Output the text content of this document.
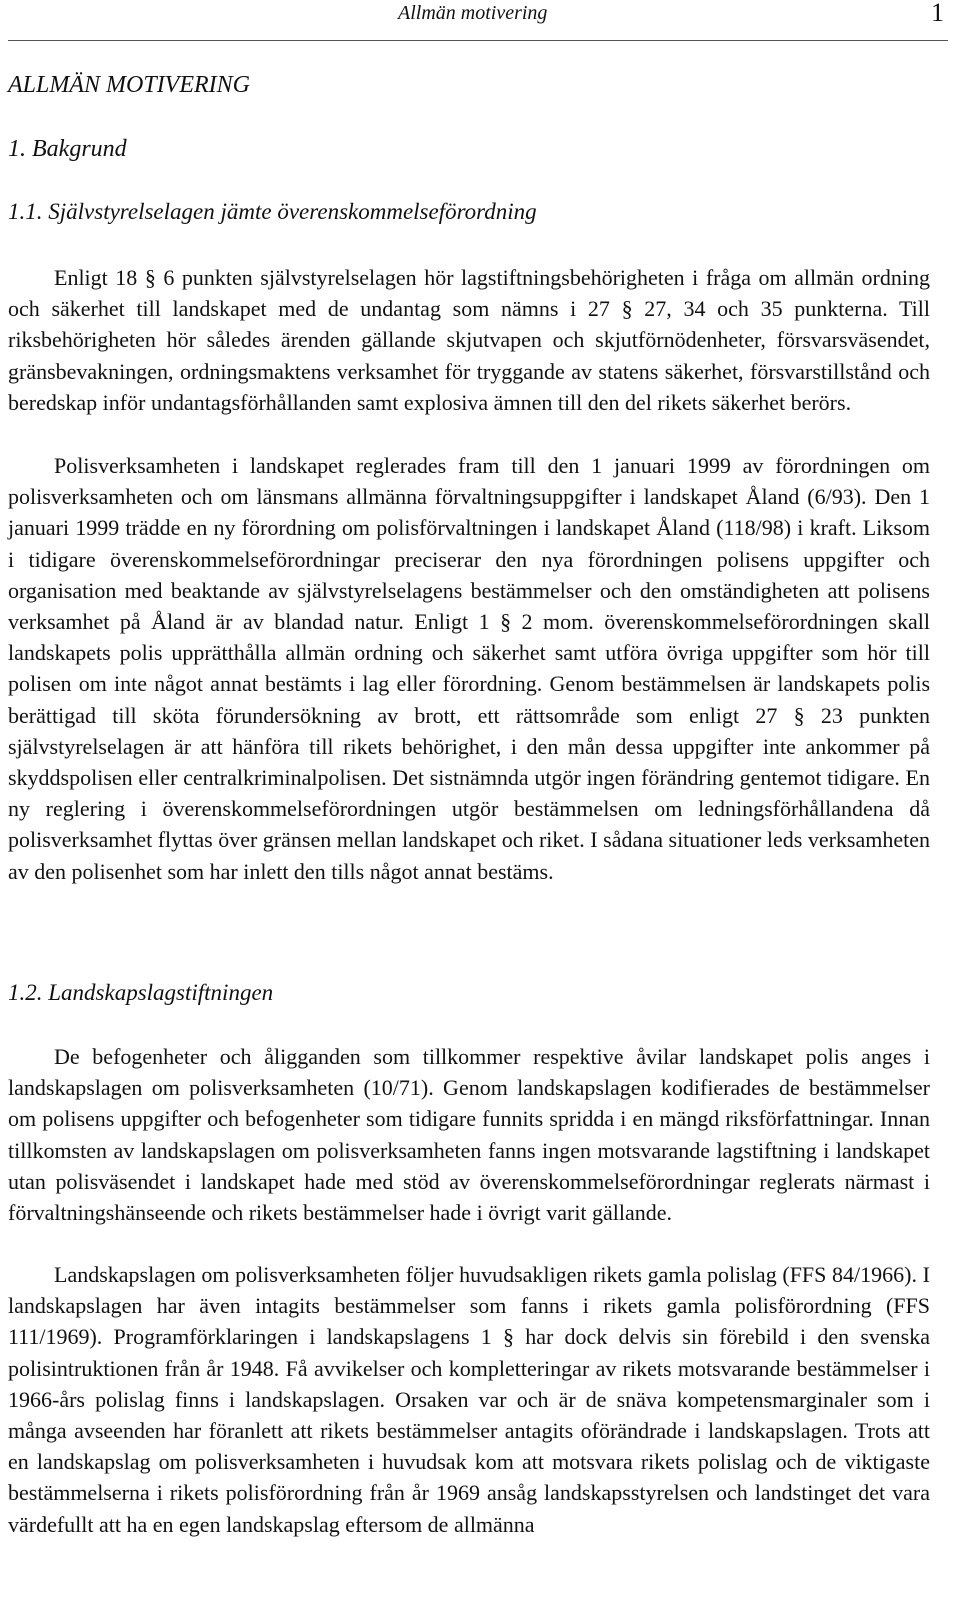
Allmän motivering	1
ALLMÄN MOTIVERING
1. Bakgrund
1.1. Självstyrelselagen jämte överenskommelseförordning

Enligt 18 § 6 punkten självstyrelselagen hör lagstiftningsbehörigheten i fråga om allmän ordning och säkerhet till landskapet med de undantag som nämns i 27 § 27, 34 och 35 punkterna. Till riksbehörigheten hör således ärenden gällande skjutvapen och skjutförnödenheter, försvarsväsendet, gränsbevakningen, ordningsmaktens verksamhet för tryggande av statens säkerhet, försvarstillstånd och beredskap inför undantagsförhållanden samt explosiva ämnen till den del rikets säkerhet berörs.

Polisverksamheten i landskapet reglerades fram till den 1 januari 1999 av förordningen om polisverksamheten och om länsmans allmänna förvaltningsuppgifter i landskapet Åland (6/93). Den 1 januari 1999 trädde en ny förordning om polisförvaltningen i landskapet Åland (118/98) i kraft. Liksom i tidigare överenskommelseförordningar preciserar den nya förordningen polisens uppgifter och organisation med beaktande av självstyrelselagens bestämmelser och den omständigheten att polisens verksamhet på Åland är av blandad natur. Enligt 1 § 2 mom. överenskommelseförordningen skall landskapets polis upprätthålla allmän ordning och säkerhet samt utföra övriga uppgifter som hör till polisen om inte något annat bestämts i lag eller förordning. Genom bestämmelsen är landskapets polis berättigad till sköta förundersökning av brott, ett rättsområde som enligt 27 § 23 punkten självstyrelselagen är att hänföra till rikets behörighet, i den mån dessa uppgifter inte ankommer på skyddspolisen eller centralkriminalpolisen. Det sistnämnda utgör ingen förändring gentemot tidigare. En ny reglering i överenskommelseförordningen utgör bestämmelsen om ledningsförhållandena då polisverksamhet flyttas över gränsen mellan landskapet och riket. I sådana situationer leds verksamheten av den polisenhet som har inlett den tills något annat bestäms.

1.2. Landskapslagstiftningen

De befogenheter och åligganden som tillkommer respektive åvilar landskapet polis anges i landskapslagen om polisverksamheten (10/71). Genom landskapslagen kodifierades de bestämmelser om polisens uppgifter och befogenheter som tidigare funnits spridda i en mängd riksförfattningar. Innan tillkomsten av landskapslagen om polisverksamheten fanns ingen motsvarande lagstiftning i landskapet utan polisväsendet i landskapet hade med stöd av överenskommelseförordningar reglerats närmast i förvaltningshänseende och rikets bestämmelser hade i övrigt varit gällande.

Landskapslagen om polisverksamheten följer huvudsakligen rikets gamla polislag (FFS 84/1966). I landskapslagen har även intagits bestämmelser som fanns i rikets gamla polisförordning (FFS 111/1969). Programförklaringen i landskapslagens 1 § har dock delvis sin förebild i den svenska polisintruktionen från år 1948. Få avvikelser och kompletteringar av rikets motsvarande bestämmelser i 1966-års polislag finns i landskapslagen. Orsaken var och är de snäva kompetensmarginaler som i många avseenden har föranlett att rikets bestämmelser antagits oförändrade i landskapslagen. Trots att en landskapslag om polisverksamheten i huvudsak kom att motsvara rikets polislag och de viktigaste bestämmelserna i rikets polisförordning från år 1969 ansåg landskapsstyrelsen och landstinget det vara värdefullt att ha en egen landskapslag eftersom de allmänna
